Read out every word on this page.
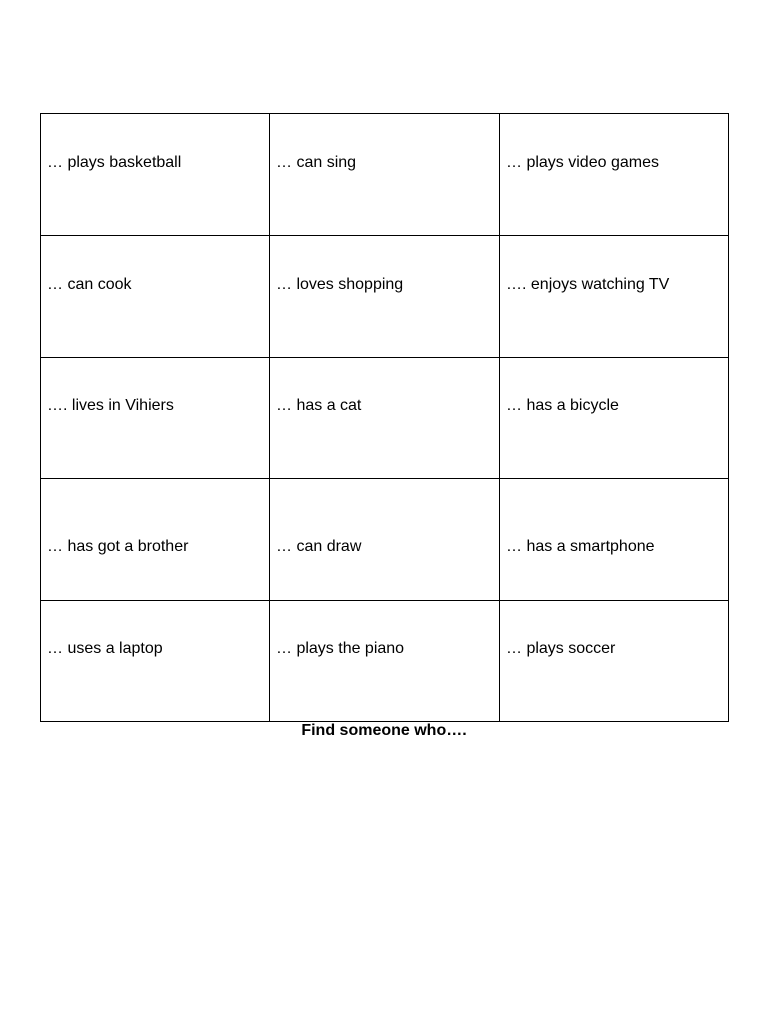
… plays basketball	… can sing	… plays video games

… can cook	… loves shopping	…. enjoys watching TV

…. lives in Vihiers	… has a cat	… has a bicycle

… has got a brother	… can draw	… has a smartphone

… uses a laptop	… plays the piano	… plays soccer
Find someone who….
